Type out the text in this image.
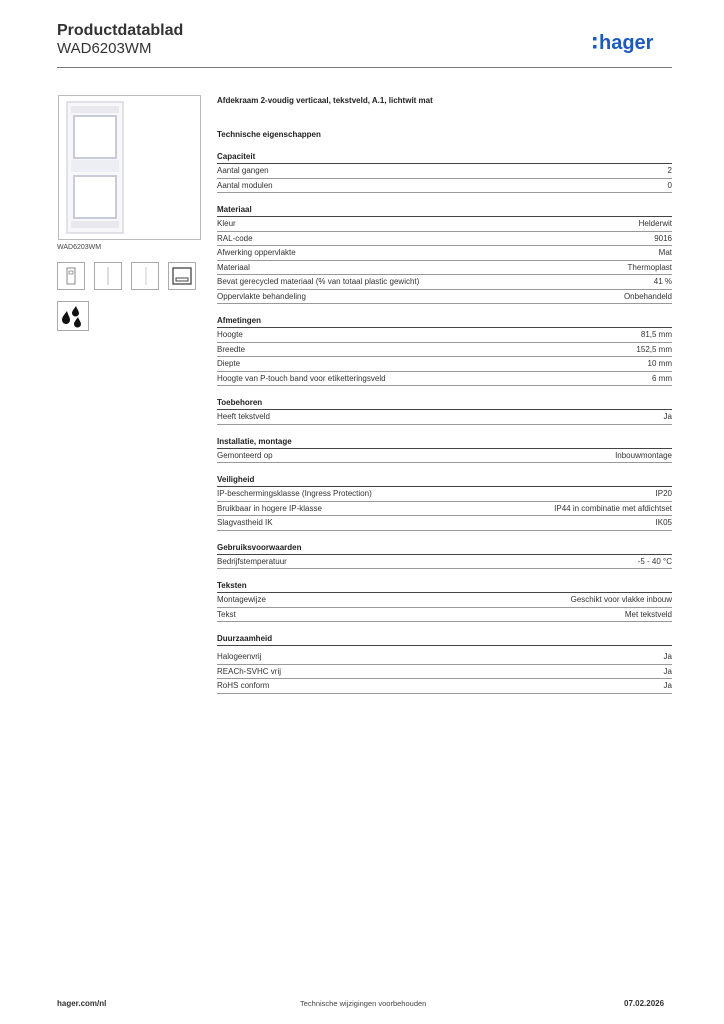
Productdatablad
WAD6203WM	hager
WAD6203WM
Afdekraam 2-voudig verticaal, tekstveld, A.1, lichtwit mat
Technische eigenschappen
Capaciteit
Aantal gangen	2
Aantal modulen	0
Materiaal
Kleur	Helderwit
RAL-code	9016
Afwerking oppervlakte	Mat
Materiaal	Thermoplast
Bevat gerecycled materiaal (% van totaal plastic gewicht)	41 %
Oppervlakte behandeling	Onbehandeld
Afmetingen
Hoogte	81,5 mm
Breedte	152,5 mm
Diepte	10 mm
Hoogte van P-touch band voor etiketteringsveld	6 mm
Toebehoren
Heeft tekstveld	Ja
Installatie, montage
Gemonteerd op	Inbouwmontage
Veiligheid
IP-beschermingsklasse (Ingress Protection)	IP20
Bruikbaar in hogere IP-klasse	IP44 in combinatie met afdichtset
Slagvastheid IK	IK05
Gebruiksvoorwaarden
Bedrijfstemperatuur	-5 - 40 °C
Teksten
Montagewijze	Geschikt voor vlakke inbouw
Tekst	Met tekstveld
Duurzaamheid
Halogeenvrij	Ja
REACh-SVHC vrij	Ja
RoHS conform	Ja
hager.com/nl	Technische wijzigingen voorbehouden	07.02.2026
